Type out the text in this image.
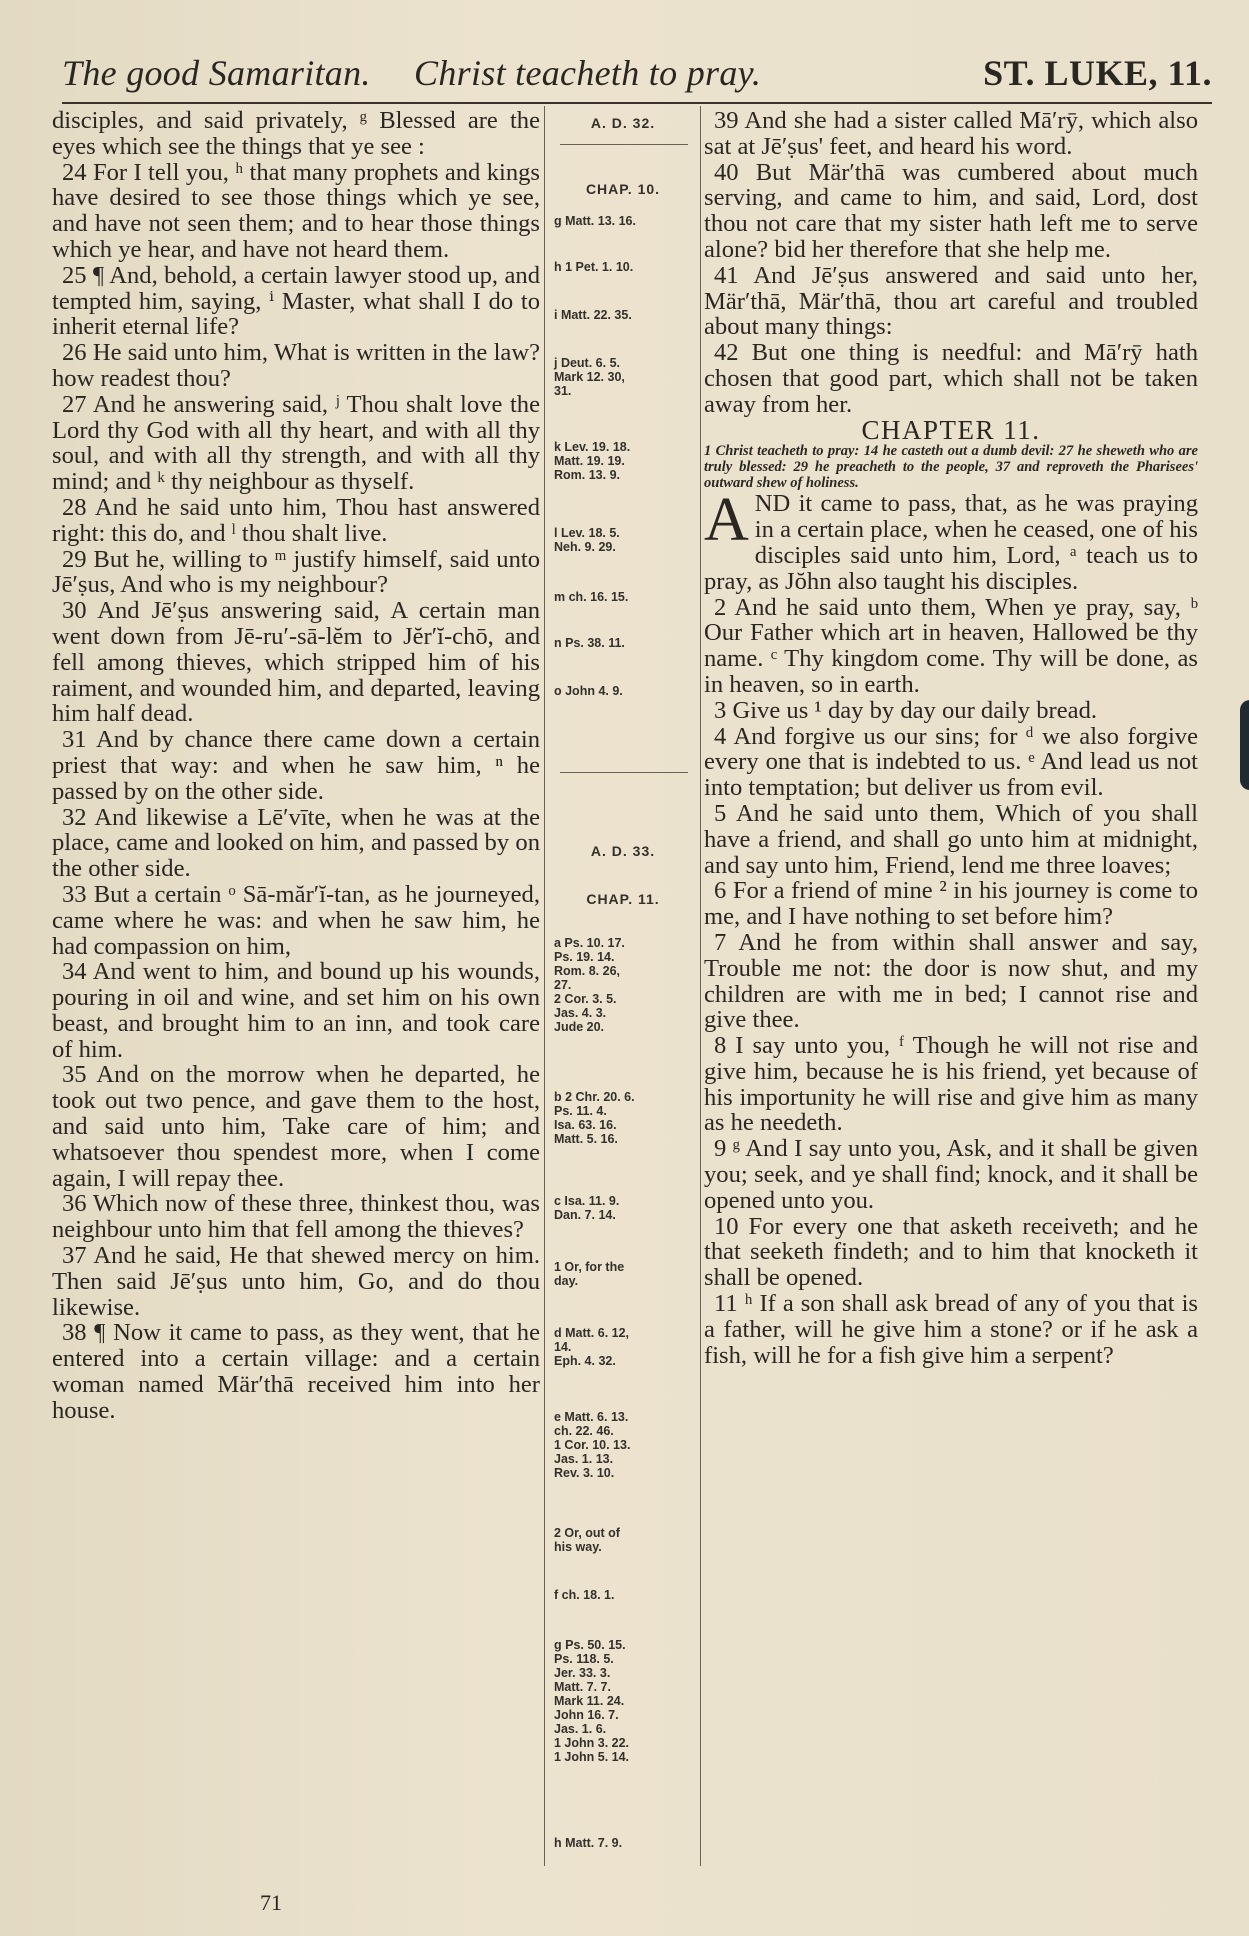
The good Samaritan. Christ teacheth to pray.	ST. LUKE, 11.

disciples, and said privately, ᵍ Blessed are the eyes which see the things that ye see :

24 For I tell you, ʰ that many prophets and kings have desired to see those things which ye see, and have not seen them; and to hear those things which ye hear, and have not heard them.

25 ¶ And, behold, a certain lawyer stood up, and tempted him, saying, ⁱ Master, what shall I do to inherit eternal life?

26 He said unto him, What is written in the law? how readest thou?

27 And he answering said, ʲ Thou shalt love the Lord thy God with all thy heart, and with all thy soul, and with all thy strength, and with all thy mind; and ᵏ thy neighbour as thyself.

28 And he said unto him, Thou hast answered right: this do, and ˡ thou shalt live.

29 But he, willing to ᵐ justify himself, said unto Jē′ṣus, And who is my neighbour?

30 And Jē′ṣus answering said, A certain man went down from Jē-ru′-sā-lĕm to Jĕr′ĭ-chō, and fell among thieves, which stripped him of his raiment, and wounded him, and departed, leaving him half dead.

31 And by chance there came down a certain priest that way: and when he saw him, ⁿ he passed by on the other side.

32 And likewise a Lē′vīte, when he was at the place, came and looked on him, and passed by on the other side.

33 But a certain ᵒ Sā-măr′ĭ-tan, as he journeyed, came where he was: and when he saw him, he had compassion on him,

34 And went to him, and bound up his wounds, pouring in oil and wine, and set him on his own beast, and brought him to an inn, and took care of him.

35 And on the morrow when he departed, he took out two pence, and gave them to the host, and said unto him, Take care of him; and whatsoever thou spendest more, when I come again, I will repay thee.

36 Which now of these three, thinkest thou, was neighbour unto him that fell among the thieves?

37 And he said, He that shewed mercy on him. Then said Jē′ṣus unto him, Go, and do thou likewise.

38 ¶ Now it came to pass, as they went, that he entered into a certain village: and a certain woman named Mär′thā received him into her house.

A. D. 32.
CHAP. 10.
g Matt. 13. 16.
h 1 Pet. 1. 10.
i Matt. 22. 35.
j Deut. 6. 5.
Mark 12. 30,
31.
k Lev. 19. 18.
Matt. 19. 19.
Rom. 13. 9.
l Lev. 18. 5.
Neh. 9. 29.
m ch. 16. 15.
n Ps. 38. 11.
o John 4. 9.
A. D. 33.
CHAP. 11.
a Ps. 10. 17.
Ps. 19. 14.
Rom. 8. 26,
27.
2 Cor. 3. 5.
Jas. 4. 3.
Jude 20.
b 2 Chr. 20. 6.
Ps. 11. 4.
Isa. 63. 16.
Matt. 5. 16.
c Isa. 11. 9.
Dan. 7. 14.
1 Or, for the
day.
d Matt. 6. 12,
14.
Eph. 4. 32.
e Matt. 6. 13.
ch. 22. 46.
1 Cor. 10. 13.
Jas. 1. 13.
Rev. 3. 10.
2 Or, out of
his way.
f ch. 18. 1.
g Ps. 50. 15.
Ps. 118. 5.
Jer. 33. 3.
Matt. 7. 7.
Mark 11. 24.
John 16. 7.
Jas. 1. 6.
1 John 3. 22.
1 John 5. 14.
h Matt. 7. 9.

39 And she had a sister called Mā′rȳ, which also sat at Jē′ṣus' feet, and heard his word.

40 But Mär′thā was cumbered about much serving, and came to him, and said, Lord, dost thou not care that my sister hath left me to serve alone? bid her therefore that she help me.

41 And Jē′ṣus answered and said unto her, Mär′thā, Mär′thā, thou art careful and troubled about many things:

42 But one thing is needful: and Mā′rȳ hath chosen that good part, which shall not be taken away from her.

CHAPTER 11.

1 Christ teacheth to pray: 14 he casteth out a dumb devil: 27 he sheweth who are truly blessed: 29 he preacheth to the people, 37 and reproveth the Pharisees' outward shew of holiness.

AND it came to pass, that, as he was praying in a certain place, when he ceased, one of his disciples said unto him, Lord, ᵃ teach us to pray, as Jŏhn also taught his disciples.

2 And he said unto them, When ye pray, say, ᵇ Our Father which art in heaven, Hallowed be thy name. ᶜ Thy kingdom come. Thy will be done, as in heaven, so in earth.

3 Give us ¹ day by day our daily bread.

4 And forgive us our sins; for ᵈ we also forgive every one that is indebted to us. ᵉ And lead us not into temptation; but deliver us from evil.

5 And he said unto them, Which of you shall have a friend, and shall go unto him at midnight, and say unto him, Friend, lend me three loaves;

6 For a friend of mine ² in his journey is come to me, and I have nothing to set before him?

7 And he from within shall answer and say, Trouble me not: the door is now shut, and my children are with me in bed; I cannot rise and give thee.

8 I say unto you, ᶠ Though he will not rise and give him, because he is his friend, yet because of his importunity he will rise and give him as many as he needeth.

9 ᵍ And I say unto you, Ask, and it shall be given you; seek, and ye shall find; knock, and it shall be opened unto you.

10 For every one that asketh receiveth; and he that seeketh findeth; and to him that knocketh it shall be opened.

11 ʰ If a son shall ask bread of any of you that is a father, will he give him a stone? or if he ask a fish, will he for a fish give him a serpent?

71
